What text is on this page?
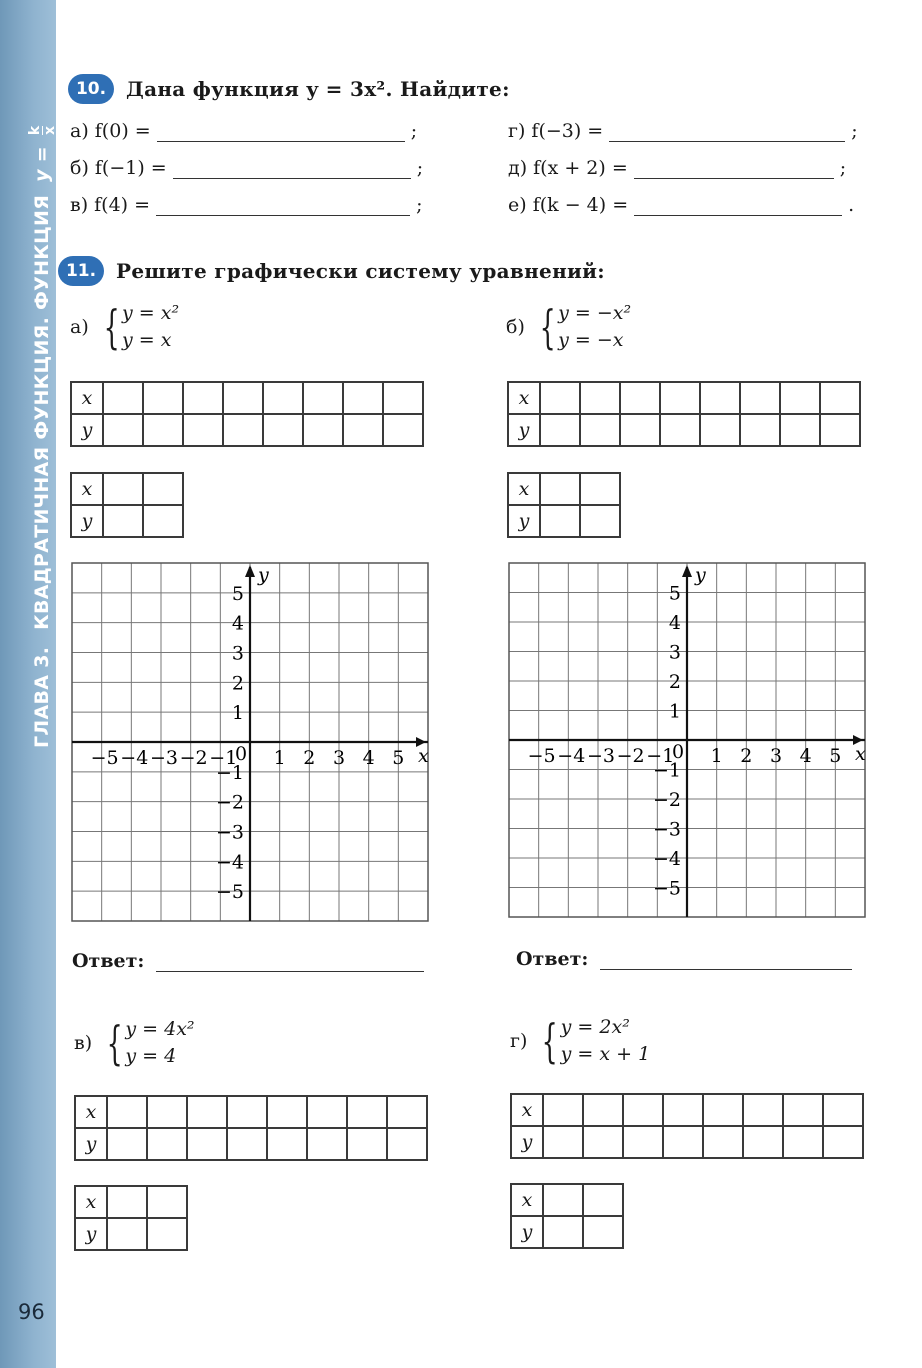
ГЛАВА 3. КВАДРАТИЧНАЯ ФУНКЦИЯ. ФУНКЦИЯ y =
k x
96
10. Дана функция y = 3x². Найдите:
а) f(0) =	;
б) f(−1) =	;
в) f(4) =	;
г) f(−3) =	;
д) f(x + 2) =	;
е) f(k − 4) =	.
11. Решите графически систему уравнений:
а) { y = x²
y = x
б) { y = −x²
y = −x
x								
y								
x		
y		
x								
y								
x		
y		
x
y
0
−5 −4 −3 −2 −1 1 2 3 4 5
5
4
3
2
1
−1
−2
−3
−4
−5
x
y
0
−5 −4 −3 −2 −1 1 2 3 4 5
5
4
3
2
1
−1
−2
−3
−4
−5
Ответ:	Ответ:
в) { y = 4x²
y = 4
г) { y = 2x²
y = x + 1
x								
y								
x		
y		
x								
y								
x		
y		
